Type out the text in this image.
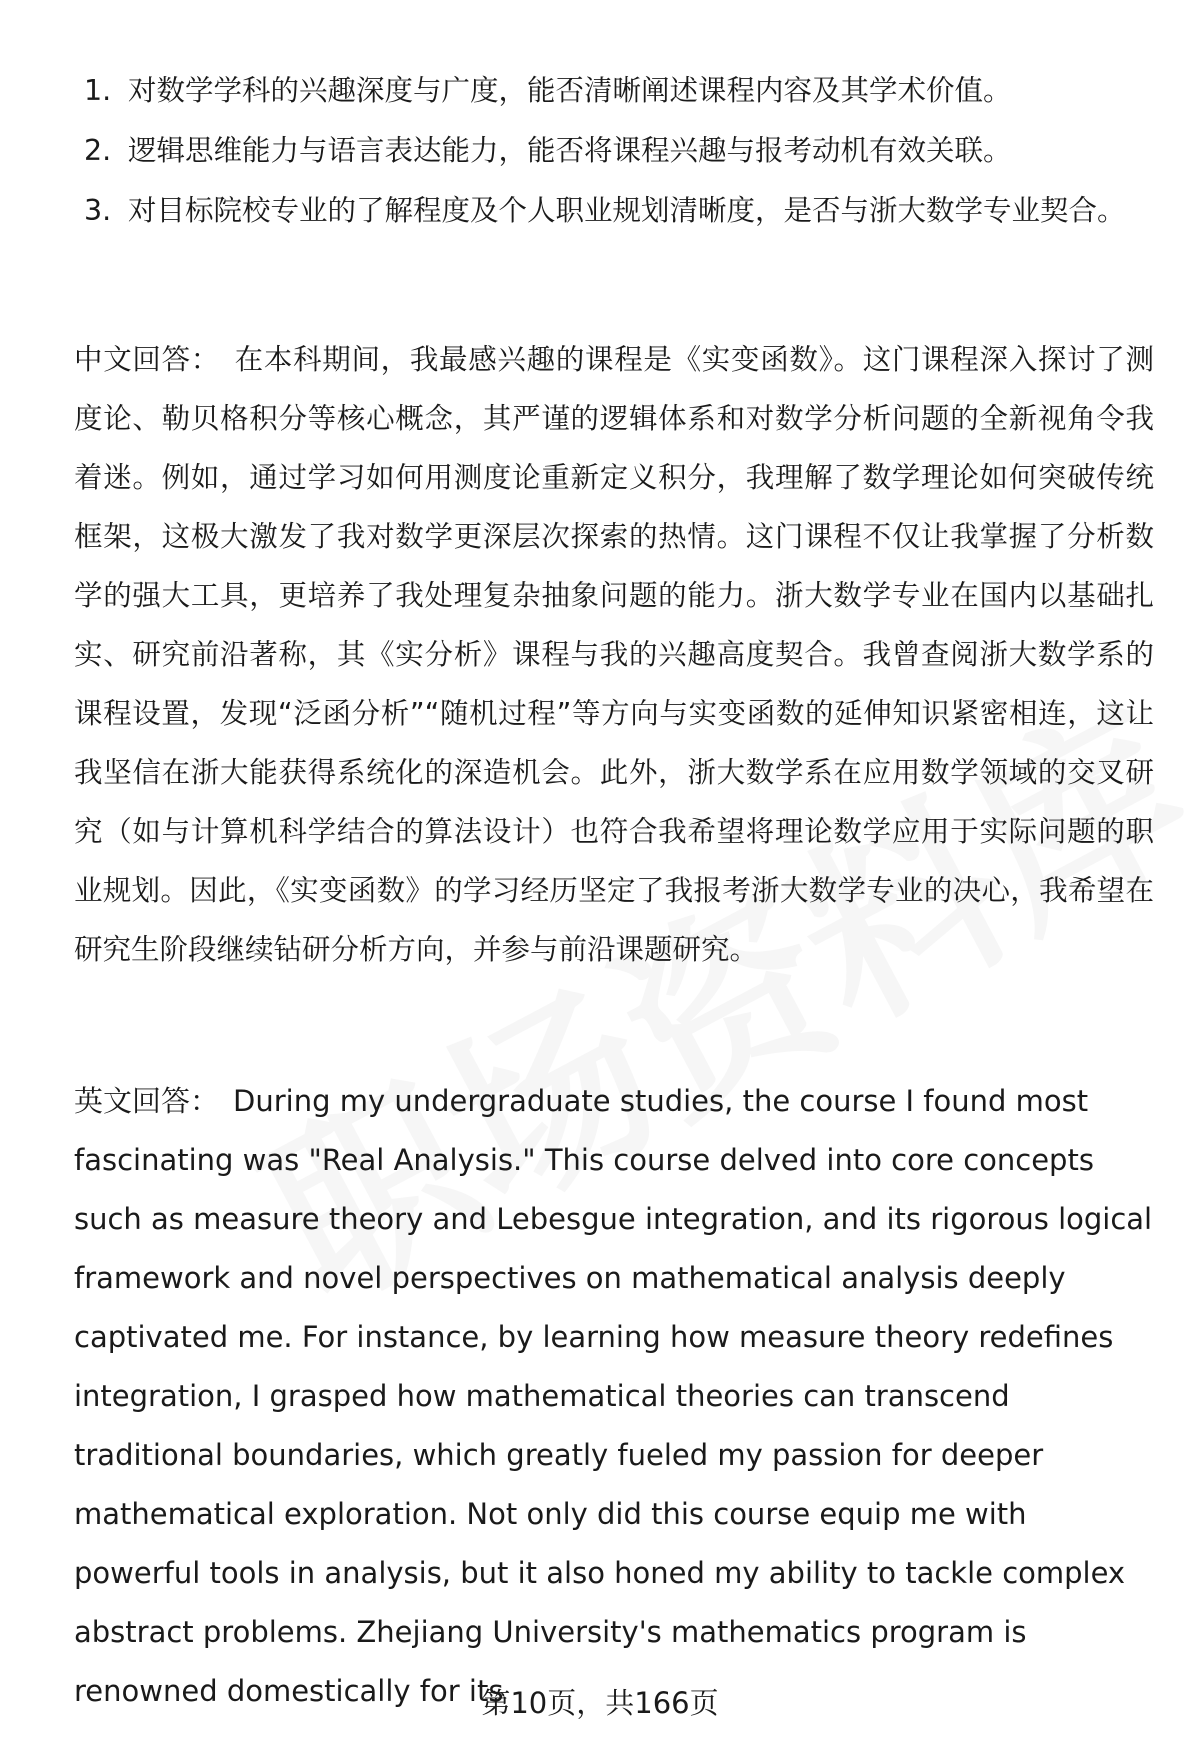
1. 对数学学科的兴趣深度与广度，能否清晰阐述课程内容及其学术价值。
2. 逻辑思维能力与语言表达能力，能否将课程兴趣与报考动机有效关联。
3. 对目标院校专业的了解程度及个人职业规划清晰度，是否与浙大数学专业契合。

中文回答： 在本科期间，我最感兴趣的课程是《实变函数》。这门课程深入探讨了测度论、勒贝格积分等核心概念，其严谨的逻辑体系和对数学分析问题的全新视角令我着迷。例如，通过学习如何用测度论重新定义积分，我理解了数学理论如何突破传统框架，这极大激发了我对数学更深层次探索的热情。这门课程不仅让我掌握了分析数学的强大工具，更培养了我处理复杂抽象问题的能力。浙大数学专业在国内以基础扎实、研究前沿著称，其《实分析》课程与我的兴趣高度契合。我曾查阅浙大数学系的课程设置，发现“泛函分析”“随机过程”等方向与实变函数的延伸知识紧密相连，这让我坚信在浙大能获得系统化的深造机会。此外，浙大数学系在应用数学领域的交叉研究（如与计算机科学结合的算法设计）也符合我希望将理论数学应用于实际问题的职业规划。因此，《实变函数》的学习经历坚定了我报考浙大数学专业的决心，我希望在研究生阶段继续钻研分析方向，并参与前沿课题研究。

英文回答： During my undergraduate studies, the course I found most fascinating was "Real Analysis." This course delved into core concepts such as measure theory and Lebesgue integration, and its rigorous logical framework and novel perspectives on mathematical analysis deeply captivated me. For instance, by learning how measure theory redefines integration, I grasped how mathematical theories can transcend traditional boundaries, which greatly fueled my passion for deeper mathematical exploration. Not only did this course equip me with powerful tools in analysis, but it also honed my ability to tackle complex abstract problems. Zhejiang University's mathematics program is renowned domestically for its

第10页，共166页
